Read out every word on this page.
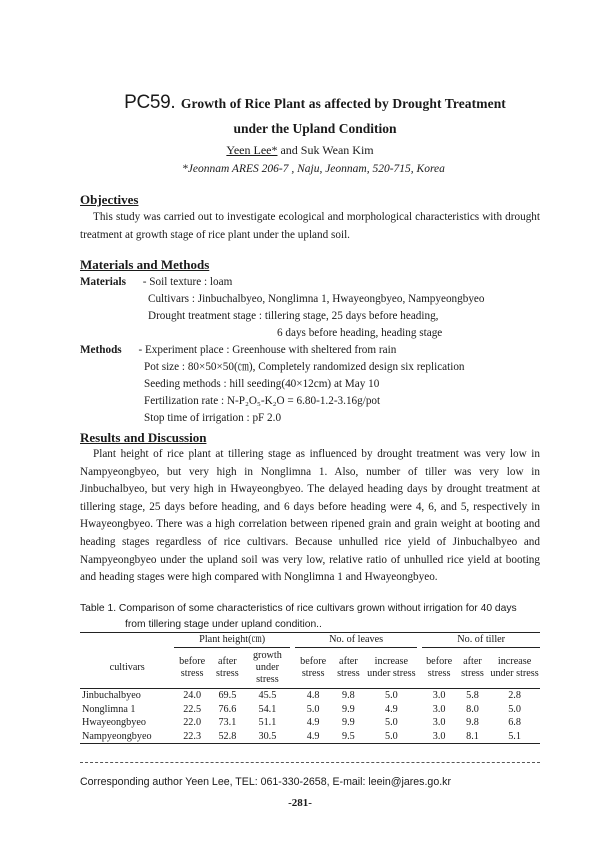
PC59. Growth of Rice Plant as affected by Drought Treatment
under the Upland Condition
Yeen Lee* and Suk Wean Kim
*Jeonnam ARES 206-7 , Naju, Jeonnam, 520-715, Korea
Objectives

This study was carried out to investigate ecological and morphological characteristics with drought treatment at growth stage of rice plant under the upland soil.

Materials and Methods
Materials - Soil texture : loam
Cultivars : Jinbuchalbyeo, Nonglimna 1, Hwayeongbyeo, Nampyeongbyeo
Drought treatment stage : tillering stage, 25 days before heading,
6 days before heading, heading stage
Methods - Experiment place : Greenhouse with sheltered from rain
Pot size : 80×50×50(㎝), Completely randomized design six replication
Seeding methods : hill seeding(40×12cm) at May 10
Fertilization rate : N-P₂O₅-K₂O = 6.80-1.2-3.16g/pot
Stop time of irrigation : pF 2.0
Results and Discussion

Plant height of rice plant at tillering stage as influenced by drought treatment was very low in Nampyeongbyeo, but very high in Nonglimna 1. Also, number of tiller was very low in Jinbuchalbyeo, but very high in Hwayeongbyeo. The delayed heading days by drought treatment at tillering stage, 25 days before heading, and 6 days before heading were 4, 6, and 5, respectively in Hwayeongbyeo. There was a high correlation between ripened grain and grain weight at booting and heading stages regardless of rice cultivars. Because unhulled rice yield of Jinbuchalbyeo and Nampyeongbyeo under the upland soil was very low, relative ratio of unhulled rice yield at booting and heading stages were high compared with Nonglimna 1 and Hwayeongbyeo.

Table 1. Comparison of some characteristics of rice cultivars grown without irrigation for 40 days
from tillering stage under upland condition..
	Plant height(㎝)				No. of leaves				No. of tiller		
cultivars	before stress	after stress	growth under stress		before stress	after stress	increase under stress		before stress	after stress	increase under stress
Jinbuchalbyeo	24.0	69.5	45.5		4.8	9.8	5.0		3.0	5.8	2.8
Nonglimna 1	22.5	76.6	54.1		5.0	9.9	4.9		3.0	8.0	5.0
Hwayeongbyeo	22.0	73.1	51.1		4.9	9.9	5.0		3.0	9.8	6.8
Nampyeongbyeo	22.3	52.8	30.5		4.9	9.5	5.0		3.0	8.1	5.1
Corresponding author Yeen Lee, TEL: 061-330-2658, E-mail: leein@jares.go.kr
-281-
